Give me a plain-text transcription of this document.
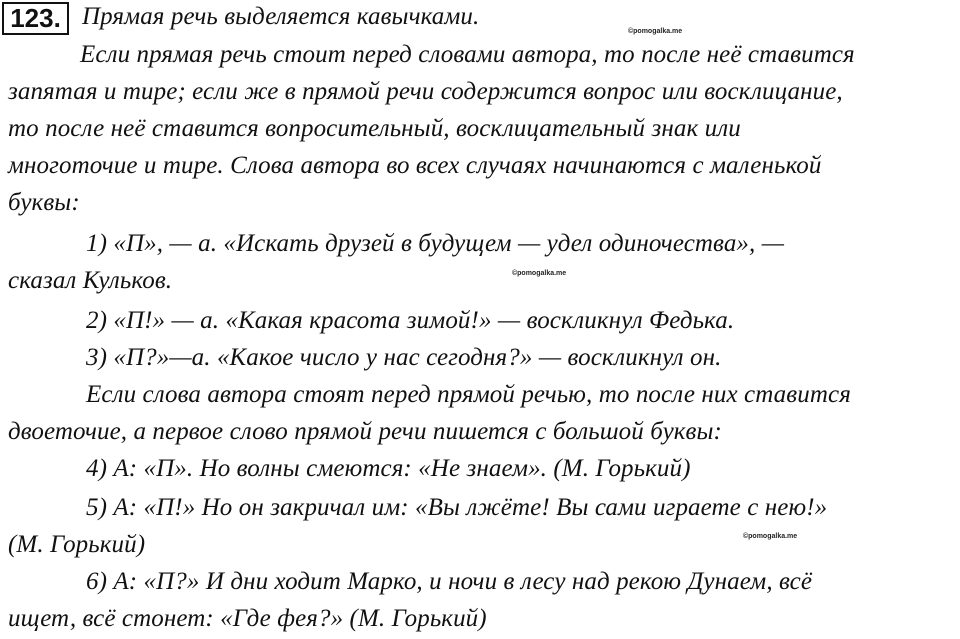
123. Прямая речь выделяется кавычками.
©pomogalka.me
Если прямая речь стоит перед словами автора, то после неё ставится
запятая и тире; если же в прямой речи содержится вопрос или восклицание,
то после неё ставится вопросительный, восклицательный знак или
многоточие и тире. Слова автора во всех случаях начинаются с маленькой
буквы:
1) «П», — а. «Искать друзей в будущем — удел одиночества», —
сказал Кульков.	©pomogalka.me
2) «П!» — а. «Какая красота зимой!» — воскликнул Федька.
3) «П?»—а. «Какое число у нас сегодня?» — воскликнул он.
Если слова автора стоят перед прямой речью, то после них ставится
двоеточие, а первое слово прямой речи пишется с большой буквы:
4) А: «П». Но волны смеются: «Не знаем». (М. Горький)
5) А: «П!» Но он закричал им: «Вы лжёте! Вы сами играете с нею!»
(М. Горький)	©pomogalka.me
6) А: «П?» И дни ходит Марко, и ночи в лесу над рекою Дунаем, всё
ищет, всё стонет: «Где фея?» (М. Горький)
